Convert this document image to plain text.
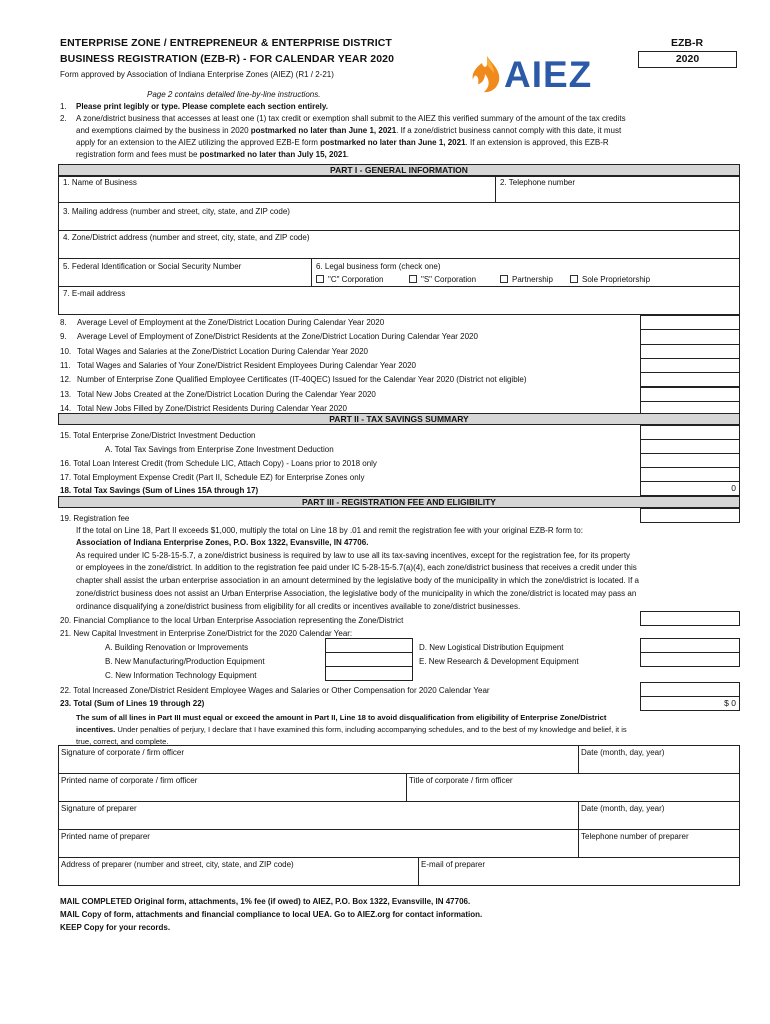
ENTERPRISE ZONE / ENTREPRENEUR & ENTERPRISE DISTRICT
BUSINESS REGISTRATION (EZB-R) - FOR CALENDAR YEAR 2020
Form approved by Association of Indiana Enterprise Zones (AIEZ) (R1 / 2-21)	AIEZ
EZB-R
2020
Page 2 contains detailed line-by-line instructions.
1. Please print legibly or type. Please complete each section entirely.
2. A zone/district business that accesses at least one (1) tax credit or exemption shall submit to the AIEZ this verified summary of the amount of the tax credits
and exemptions claimed by the business in 2020 postmarked no later than June 1, 2021. If a zone/district business cannot comply with this date, it must
apply for an extension to the AIEZ utilizing the approved EZB-E form postmarked no later than June 1, 2021. If an extension is approved, this EZB-R
registration form and fees must be postmarked no later than July 15, 2021.
PART I - GENERAL INFORMATION
1. Name of Business	2. Telephone number
3. Mailing address (number and street, city, state, and ZIP code)
4. Zone/District address (number and street, city, state, and ZIP code)
5. Federal Identification or Social Security Number	6. Legal business form (check one)
"C" Corporation	"S" Corporation	Partnership	Sole Proprietorship
7. E-mail address
8.	Average Level of Employment at the Zone/District Location During Calendar Year 2020
9.	Average Level of Employment of Zone/District Residents at the Zone/District Location During Calendar Year 2020
10. Total Wages and Salaries at the Zone/District Location During Calendar Year 2020
11. Total Wages and Salaries of Your Zone/District Resident Employees During Calendar Year 2020
12. Number of Enterprise Zone Qualified Employee Certificates (IT-40QEC) Issued for the Calendar Year 2020 (District not eligible)
13. Total New Jobs Created at the Zone/District Location During the Calendar Year 2020
14. Total New Jobs Filled by Zone/District Residents During Calendar Year 2020
PART II - TAX SAVINGS SUMMARY
15. Total Enterprise Zone/District Investment Deduction
A. Total Tax Savings from Enterprise Zone Investment Deduction
16. Total Loan Interest Credit (from Schedule LIC, Attach Copy) - Loans prior to 2018 only
17. Total Employment Expense Credit (Part II, Schedule EZ) for Enterprise Zones only
18. Total Tax Savings (Sum of Lines 15A through 17)	0
PART III - REGISTRATION FEE AND ELIGIBILITY
19. Registration fee
If the total on Line 18, Part II exceeds $1,000, multiply the total on Line 18 by .01 and remit the registration fee with your original EZB-R form to:
Association of Indiana Enterprise Zones, P.O. Box 1322, Evansville, IN 47706.
As required under IC 5-28-15-5.7, a zone/district business is required by law to use all its tax-saving incentives, except for the registration fee, for its property
or employees in the zone/district. In addition to the registration fee paid under IC 5-28-15-5.7(a)(4), each zone/district business that receives a credit under this
chapter shall assist the urban enterprise association in an amount determined by the legislative body of the municipality in which the zone/district is located. If a
zone/district business does not assist an Urban Enterprise Association, the legislative body of the municipality in which the zone/district is located may pass an
ordinance disqualifying a zone/district business from eligibility for all credits or incentives available to zone/district businesses.
20. Financial Compliance to the local Urban Enterprise Association representing the Zone/District
21. New Capital Investment in Enterprise Zone/District for the 2020 Calendar Year:
A. Building Renovation or Improvements
B. New Manufacturing/Production Equipment
C. New Information Technology Equipment
D. New Logistical Distribution Equipment
E. New Research & Development Equipment
22. Total Increased Zone/District Resident Employee Wages and Salaries or Other Compensation for 2020 Calendar Year
23. Total (Sum of Lines 19 through 22)	$ 0
The sum of all lines in Part III must equal or exceed the amount in Part II, Line 18 to avoid disqualification from eligibility of Enterprise Zone/District
incentives. Under penalties of perjury, I declare that I have examined this form, including accompanying schedules, and to the best of my knowledge and belief, it is
true, correct, and complete.
Signature of corporate / firm officer	Date (month, day, year)
Printed name of corporate / firm officer	Title of corporate / firm officer
Signature of preparer	Date (month, day, year)
Printed name of preparer	Telephone number of preparer
Address of preparer (number and street, city, state, and ZIP code)	E-mail of preparer
MAIL COMPLETED Original form, attachments, 1% fee (if owed) to AIEZ, P.O. Box 1322, Evansville, IN 47706.
MAIL Copy of form, attachments and financial compliance to local UEA. Go to AIEZ.org for contact information.
KEEP Copy for your records.
